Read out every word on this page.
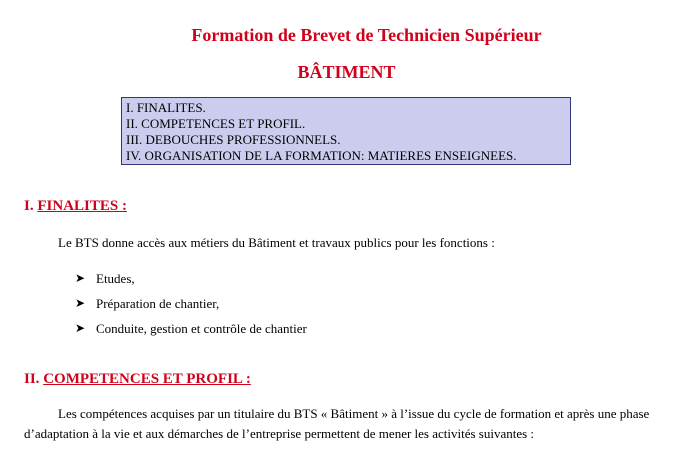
Formation de Brevet de Technicien Supérieur
BÂTIMENT
I. FINALITES.
II. COMPETENCES ET PROFIL.
III. DEBOUCHES PROFESSIONNELS.
IV. ORGANISATION DE LA FORMATION: MATIERES ENSEIGNEES.
I. FINALITES :
Le BTS donne accès aux métiers du Bâtiment et travaux publics pour les fonctions :
➤ Etudes,
➤ Préparation de chantier,
➤ Conduite, gestion et contrôle de chantier
II. COMPETENCES ET PROFIL :
Les compétences acquises par un titulaire du BTS « Bâtiment » à l’issue du cycle de formation et après une phase d’adaptation à la vie et aux démarches de l’entreprise permettent de mener les activités suivantes :
